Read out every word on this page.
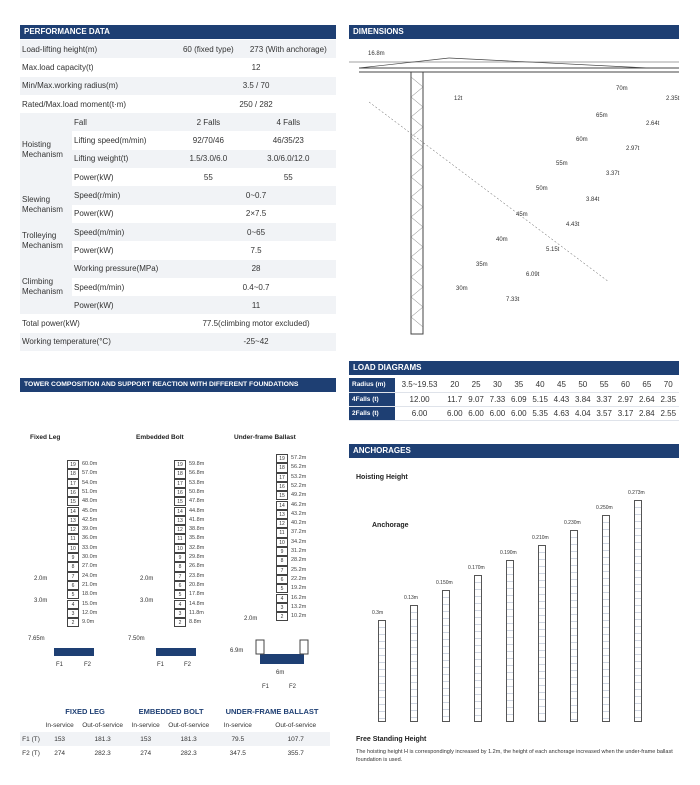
PERFORMANCE DATA
Load-lifting height(m)		60 (fixed type)	273 (With anchorage)
Max.load capacity(t)		12	
Min/Max.working radius(m)		3.5 / 70	
Rated/Max.load moment(t·m)		250 / 282	
Hoisting Mechanism	Fall	2 Falls	4 Falls
	Lifting speed(m/min)	92/70/46	46/35/23
	Lifting weight(t)	1.5/3.0/6.0	3.0/6.0/12.0
	Power(kW)	55	55
Slewing Mechanism	Speed(r/min)	0~0.7	
	Power(kW)	2×7.5	
Trolleying Mechanism	Speed(m/min)	0~65	
	Power(kW)	7.5	
Climbing Mechanism	Working pressure(MPa)	28	
	Speed(m/min)	0.4~0.7	
	Power(kW)	11	
Total power(kW)		77.5(climbing motor excluded)	
Working temperature(°C)		-25~42	
DIMENSIONS
16.8m
70m
65m
60m
55m
50m
45m
40m
35m
30m
12t	2.35t
2.64t
2.97t
3.37t
3.84t
4.43t
5.15t
6.09t
7.33t
LOAD DIAGRAMS
Radius (m)	3.5~19.53	20	25	30	35	40	45	50	55	60	65	70
4Falls (t)	12.00	11.7	9.07	7.33	6.09	5.15	4.43	3.84	3.37	2.97	2.64	2.35
2Falls (t)	6.00	6.00	6.00	6.00	6.00	5.35	4.63	4.04	3.57	3.17	2.84	2.55
TOWER COMPOSITION AND SUPPORT REACTION WITH DIFFERENT FOUNDATIONS
Fixed Leg	Embedded Bolt	Under-frame Ballast
19	60.0m
18	57.0m
17	54.0m
16	51.0m
15	48.0m
14	45.0m
13	42.5m
12	39.0m
11	36.0m
10	33.0m
9	30.0m
8	27.0m
7	24.0m
6	21.0m
5	18.0m
4	15.0m
3	12.0m
2	9.0m
19	59.8m
18	56.8m
17	53.8m
16	50.8m
15	47.8m
14	44.8m
13	41.8m
12	38.8m
11	35.8m
10	32.8m
9	29.8m
8	26.8m
7	23.8m
6	20.8m
5	17.8m
4	14.8m
3	11.8m
2	8.8m
19	57.2m
18	56.2m
17	53.2m
16	52.2m
15	49.2m
14	46.2m
13	43.2m
12	40.2m
11	37.2m
10	34.2m
9	31.2m
8	28.2m
7	25.2m
6	22.2m
5	19.2m
4	16.2m
3	13.2m
2	10.2m
2.0m
3.0m
7.65m
2.0m
3.0m
7.50m
2.0m
6.9m
6m
F1	F2	F1	F2
F1	F2
	FIXED LEG		EMBEDDED BOLT		UNDER-FRAME BALLAST	
	In-service	Out-of-service	In-service	Out-of-service	In-service	Out-of-service
F1 (T)	153	181.3	153	181.3	79.5	107.7
F2 (T)	274	282.3	274	282.3	347.5	355.7
ANCHORAGES
Hoisting Height
Anchorage
0.3m
0.13m
0.150m
0.170m
0.190m
0.210m
0.230m
0.250m
0.273m
Free Standing Height
The hoisting height H is correspondingly increased by 1.2m, the height of each anchorage increased when the under-frame ballast foundation is used.
